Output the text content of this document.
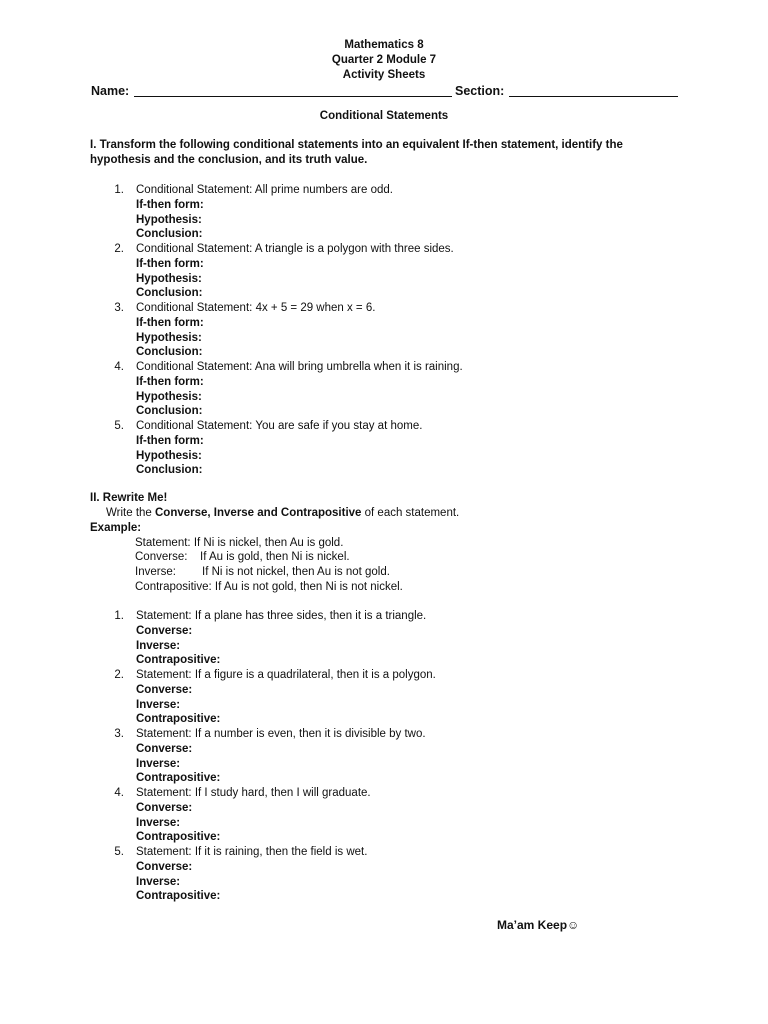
Mathematics 8
Quarter 2 Module 7
Activity Sheets
Name:	Section:
Conditional Statements
I. Transform the following conditional statements into an equivalent If-then statement, identify the
hypothesis and the conclusion, and its truth value.
1. Conditional Statement: All prime numbers are odd.
If-then form:
Hypothesis:
Conclusion:
2. Conditional Statement: A triangle is a polygon with three sides.
If-then form:
Hypothesis:
Conclusion:
3. Conditional Statement: 4x + 5 = 29 when x = 6.
If-then form:
Hypothesis:
Conclusion:
4. Conditional Statement: Ana will bring umbrella when it is raining.
If-then form:
Hypothesis:
Conclusion:
5. Conditional Statement: You are safe if you stay at home.
If-then form:
Hypothesis:
Conclusion:
II. Rewrite Me!
Write the Converse, Inverse and Contrapositive of each statement.
Example:
Statement: If Ni is nickel, then Au is gold.
Converse: If Au is gold, then Ni is nickel.
Inverse: If Ni is not nickel, then Au is not gold.
Contrapositive: If Au is not gold, then Ni is not nickel.
1. Statement: If a plane has three sides, then it is a triangle.
Converse:
Inverse:
Contrapositive:
2. Statement: If a figure is a quadrilateral, then it is a polygon.
Converse:
Inverse:
Contrapositive:
3. Statement: If a number is even, then it is divisible by two.
Converse:
Inverse:
Contrapositive:
4. Statement: If I study hard, then I will graduate.
Converse:
Inverse:
Contrapositive:
5. Statement: If it is raining, then the field is wet.
Converse:
Inverse:
Contrapositive:
Ma’am Keep☺
